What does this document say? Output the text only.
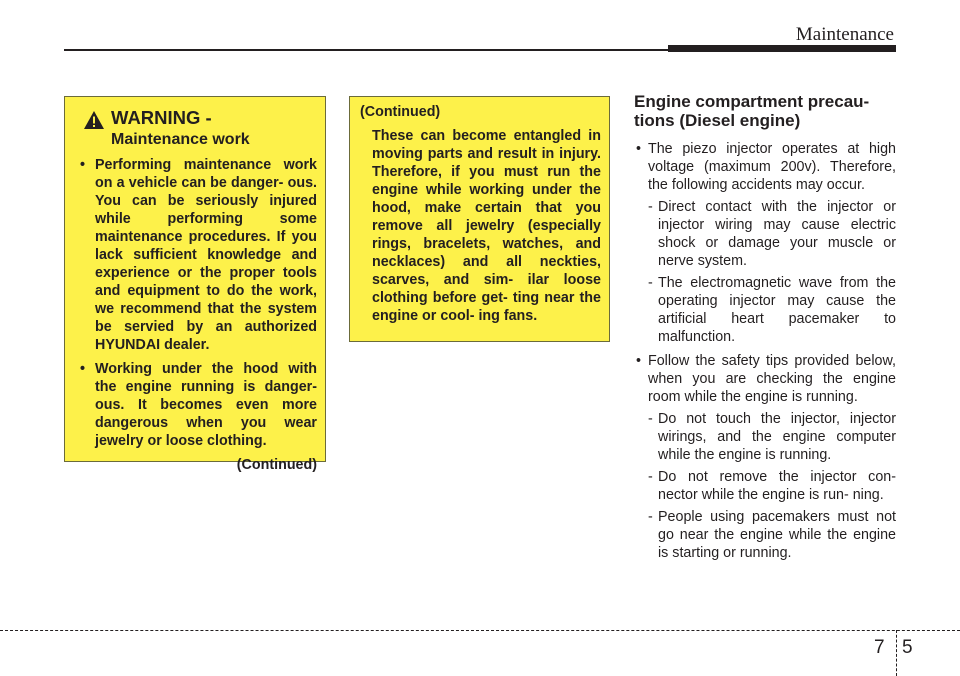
Maintenance
WARNING -
Maintenance work
• Performing maintenance work on a vehicle can be danger- ous. You can be seriously injured while performing some maintenance procedures. If you lack sufficient knowledge and experience or the proper tools and equipment to do the work, we recommend that the system be servied by an authorized HYUNDAI dealer.
• Working under the hood with the engine running is danger- ous. It becomes even more dangerous when you wear jewelry or loose clothing.
(Continued)
(Continued)
These can become entangled in moving parts and result in injury. Therefore, if you must run the engine while working under the hood, make certain that you remove all jewelry (especially rings, bracelets, watches, and necklaces) and all neckties, scarves, and sim- ilar loose clothing before get- ting near the engine or cool- ing fans.
Engine compartment precau- tions (Diesel engine)
• The piezo injector operates at high voltage (maximum 200v). Therefore, the following accidents may occur.
- Direct contact with the injector or injector wiring may cause electric shock or damage your muscle or nerve system.
- The electromagnetic wave from the operating injector may cause the artificial heart pacemaker to malfunction.
• Follow the safety tips provided below, when you are checking the engine room while the engine is running.
- Do not touch the injector, injector wirings, and the engine computer while the engine is running.
- Do not remove the injector con- nector while the engine is run- ning.
- People using pacemakers must not go near the engine while the engine is starting or running.
7 5
